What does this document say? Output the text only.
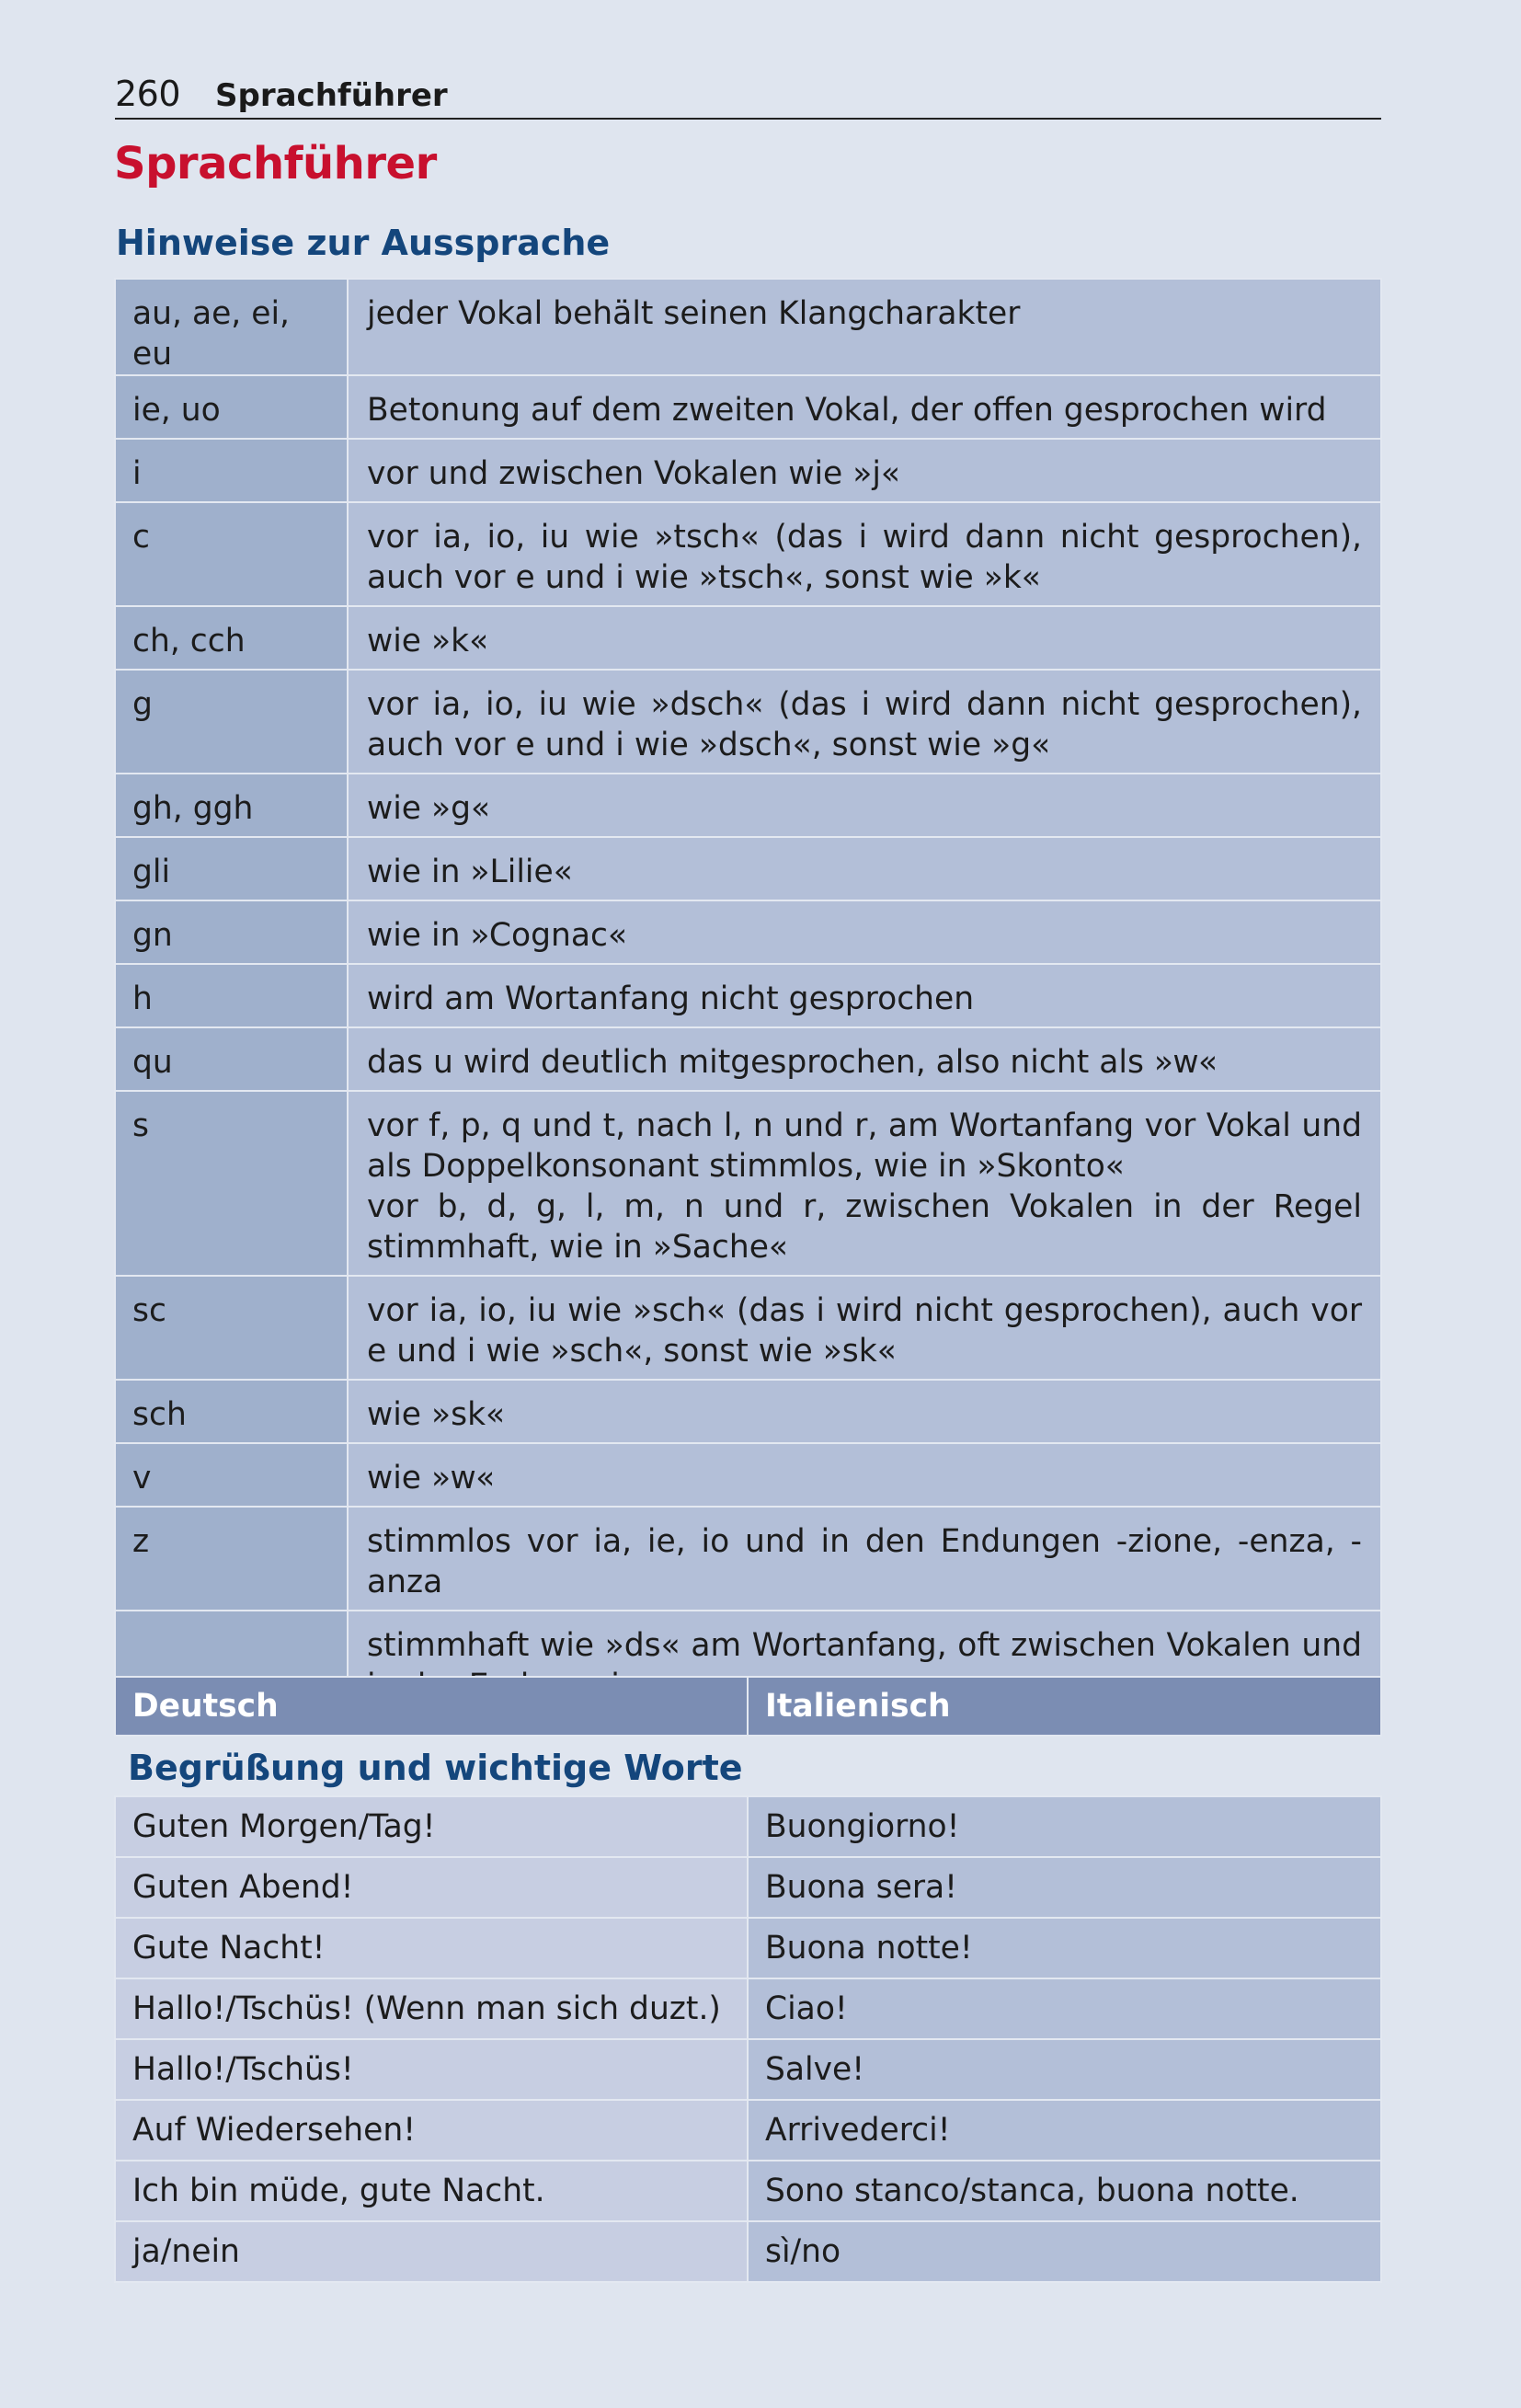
260 Sprachführer
Sprachführer
Hinweise zur Aussprache
au, ae, ei, eu	jeder Vokal behält seinen Klangcharakter

ie, uo	Betonung auf dem zweiten Vokal, der offen gesprochen wird

i	vor und zwischen Vokalen wie »j«

c	vor ia, io, iu wie »tsch« (das i wird dann nicht gesprochen), auch vor e und i wie »tsch«, sonst wie »k«

ch, cch	wie »k«

g	vor ia, io, iu wie »dsch« (das i wird dann nicht gesprochen), auch vor e und i wie »dsch«, sonst wie »g«

gh, ggh	wie »g«

gli	wie in »Lilie«

gn	wie in »Cognac«

h	wird am Wortanfang nicht gesprochen

qu	das u wird deutlich mitgesprochen, also nicht als »w«

s	vor f, p, q und t, nach l, n und r, am Wortanfang vor Vokal und als Doppelkonsonant stimmlos, wie in »Skonto«
vor b, d, g, l, m, n und r, zwischen Vokalen in der Regel stimmhaft, wie in »Sache«

sc	vor ia, io, iu wie »sch« (das i wird nicht gesprochen), auch vor e und i wie »sch«, sonst wie »sk«

sch	wie »sk«

v	wie »w«

z	stimmlos vor ia, ie, io und in den Endungen -zione, -enza, -anza

	stimmhaft wie »ds« am Wortanfang, oft zwischen Vokalen und
Deutsch	Italienisch
Begrüßung und wichtige Worte	
Guten Morgen/Tag!	Buongiorno!
Guten Abend!	Buona sera!
Gute Nacht!	Buona notte!
Hallo!/Tschüs! (Wenn man sich duzt.)	Ciao!
Hallo!/Tschüs!	Salve!
Auf Wiedersehen!	Arrivederci!
Ich bin müde, gute Nacht.	Sono stanco/stanca, buona notte.
ja/nein	sì/no
